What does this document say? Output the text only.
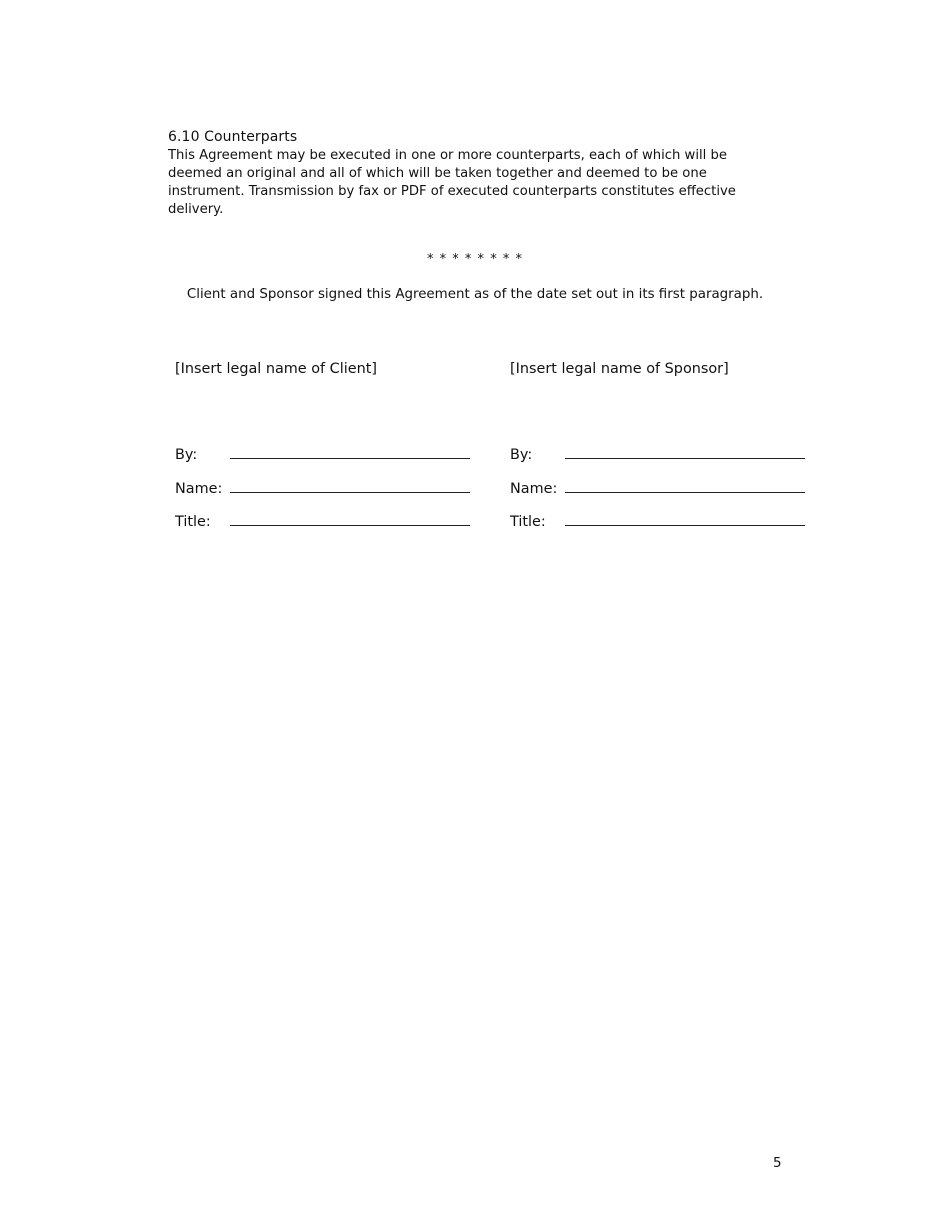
6.10 Counterparts
This Agreement may be executed in one or more counterparts, each of which will be
deemed an original and all of which will be taken together and deemed to be one
instrument. Transmission by fax or PDF of executed counterparts constitutes effective
delivery.
* * * * * * * *
Client and Sponsor signed this Agreement as of the date set out in its first paragraph.
[Insert legal name of Client]	[Insert legal name of Sponsor]
By:
Name:
Title:
By:
Name:
Title:
5
